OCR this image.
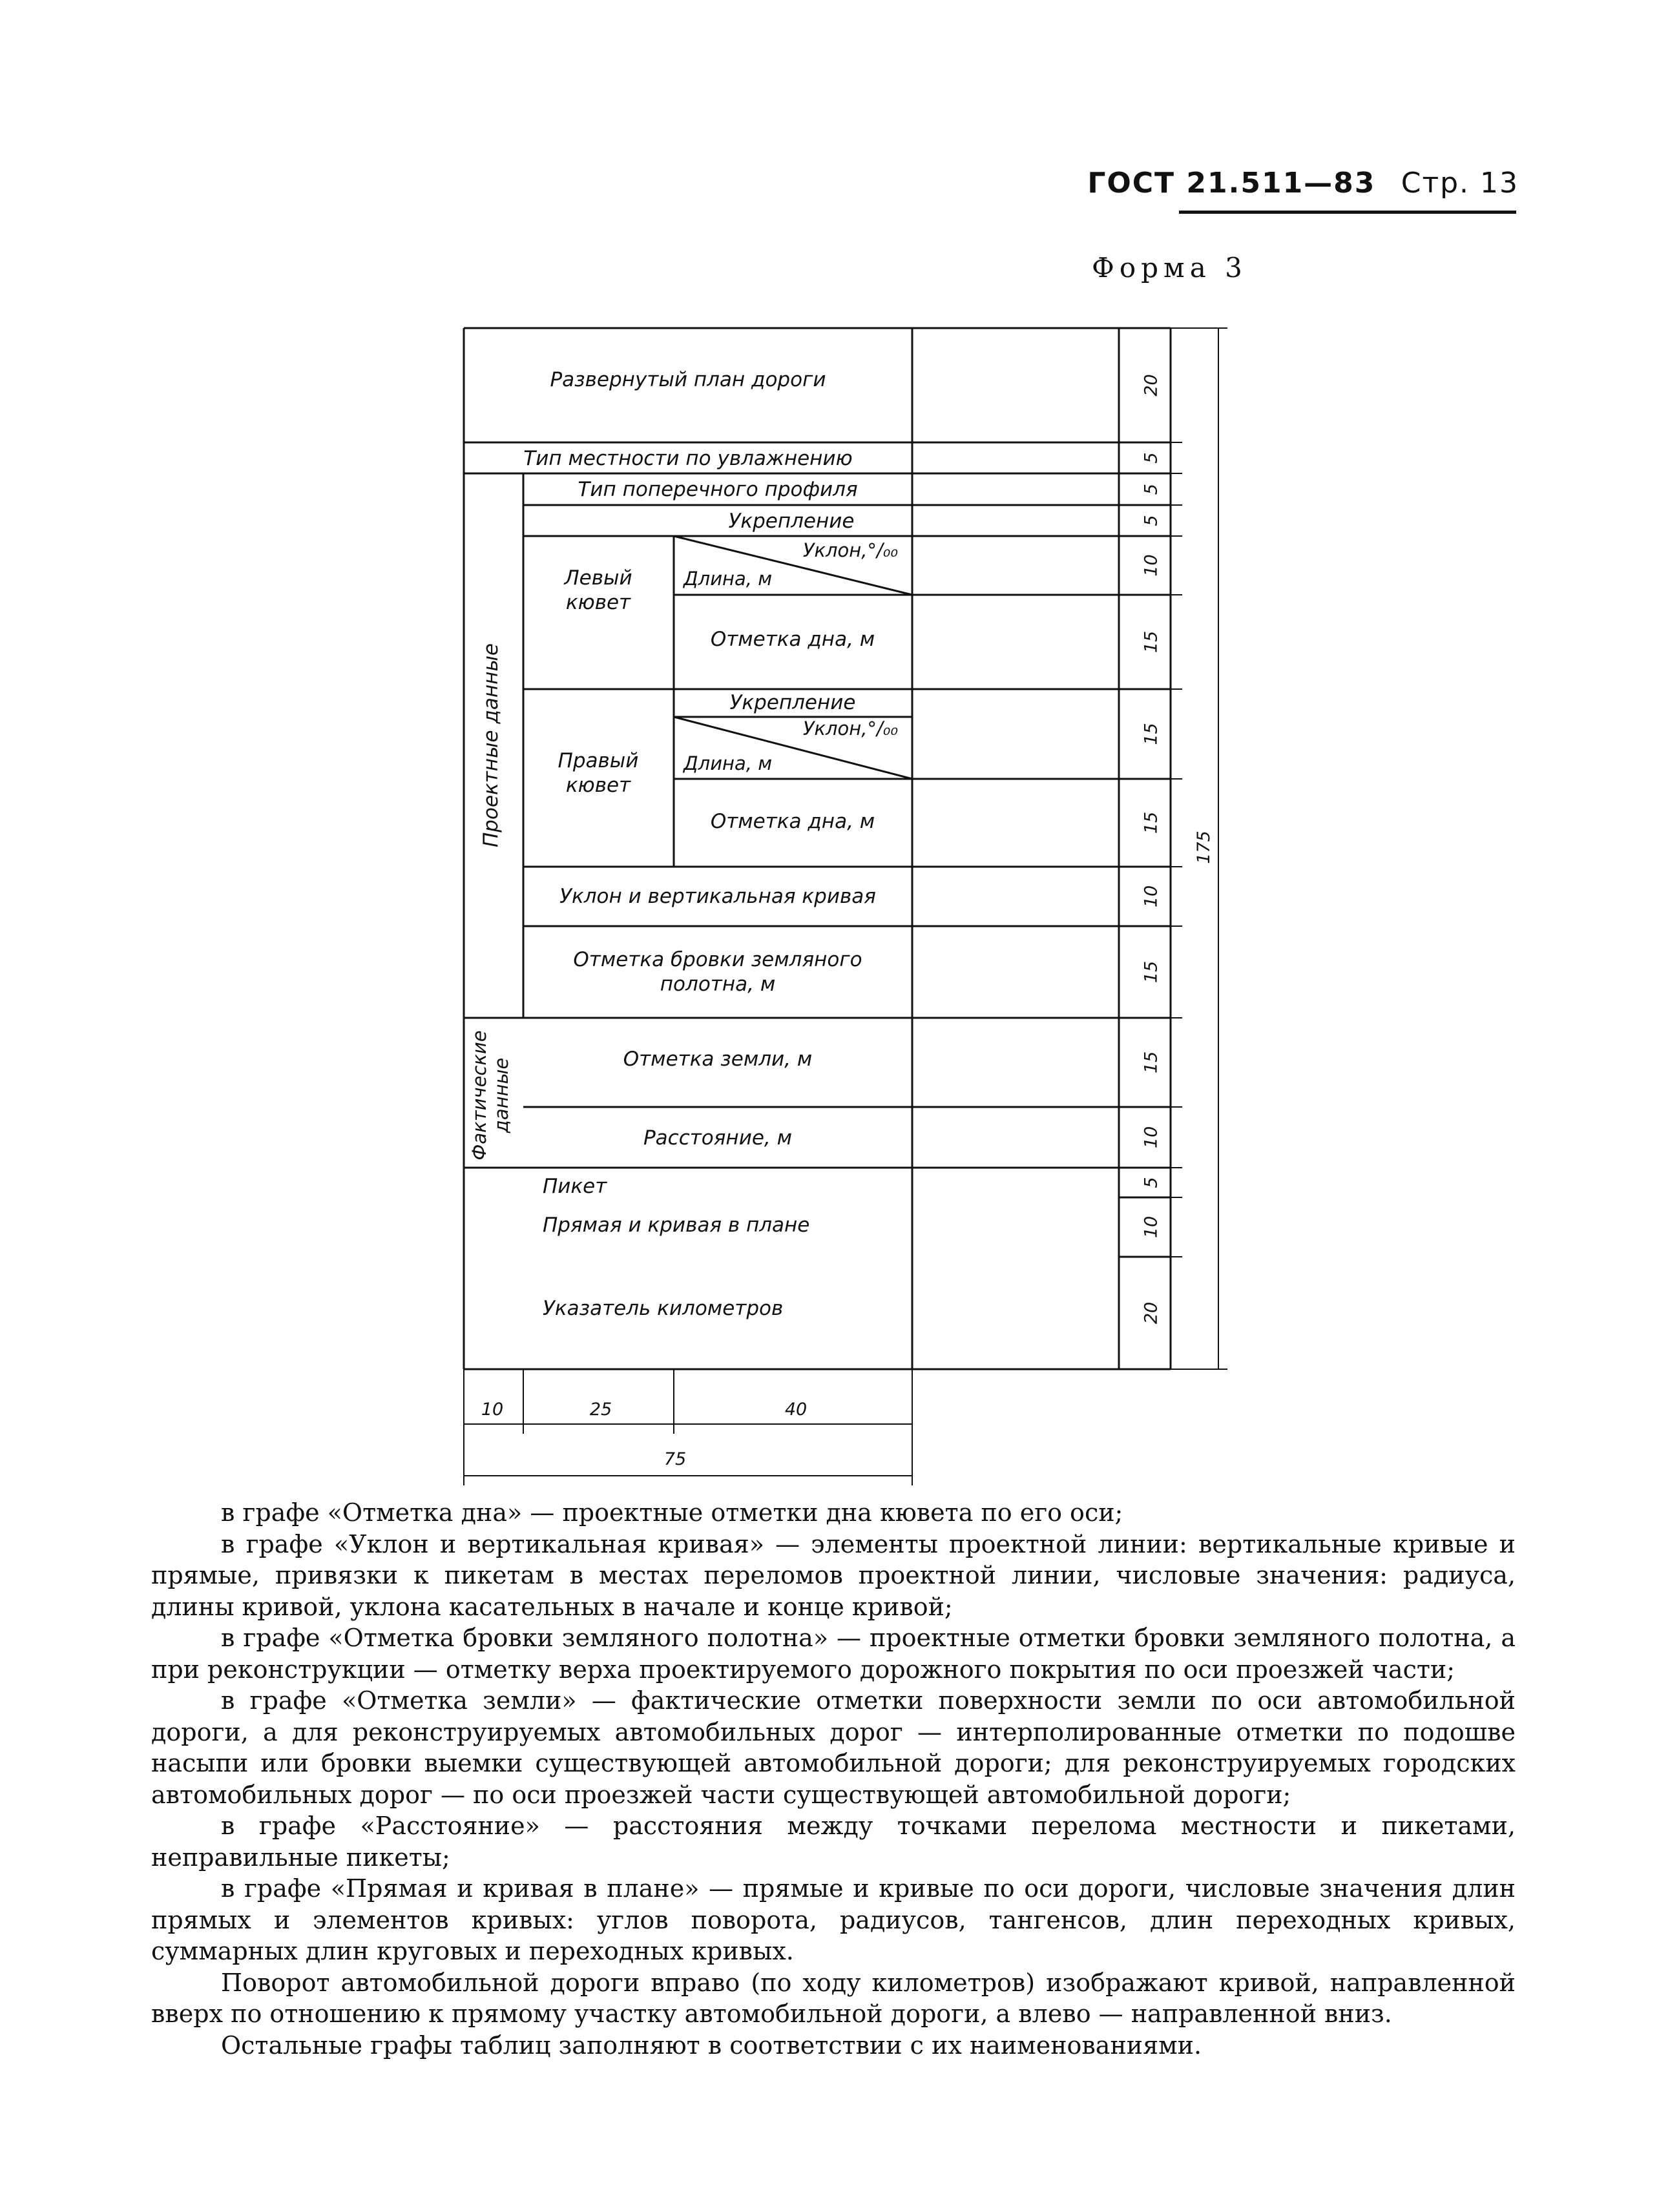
ГОСТ 21.511—83 Стр. 13
Форма 3
Развернутый план дороги
Тип местности по увлажнению
Тип поперечного профиля
Укрепление
Уклон,°/₀₀
Длина, м
Отметка дна, м
Левый
кювет
Укрепление
Уклон,°/₀₀
Длина, м
Отметка дна, м
Правый
кювет
Уклон и вертикальная кривая
Отметка бровки земляного
полотна, м
Отметка земли, м
Расстояние, м
Пикет
Прямая и кривая в плане
Указатель километров
Проектные данные
Фактические данные
20
5
5
5
10
15
15
15
10
15
15
10
5
10
20
175
10	25	40
75

в графе «Отметка дна» — проектные отметки дна кювета по его оси;

в графе «Уклон и вертикальная кривая» — элементы проектной линии: вертикальные кривые и прямые, привязки к пикетам в местах переломов проектной линии, числовые значения: радиуса, длины кривой, уклона касательных в начале и конце кривой;

в графе «Отметка бровки земляного полотна» — проектные отметки бровки земляного полотна, а при реконструкции — отметку верха проектируемого дорожного покрытия по оси проезжей части;

в графе «Отметка земли» — фактические отметки поверхности земли по оси автомобильной дороги, а для реконструируемых автомобильных дорог — интерполированные отметки по подошве насыпи или бровки выемки существующей автомобильной дороги; для реконструируемых городских автомобильных дорог — по оси проезжей части существующей автомобильной дороги;

в графе «Расстояние» — расстояния между точками перелома местности и пикетами, неправильные пикеты;

в графе «Прямая и кривая в плане» — прямые и кривые по оси дороги, числовые значения длин прямых и элементов кривых: углов поворота, радиусов, тангенсов, длин переходных кривых, суммарных длин круговых и переходных кривых.

Поворот автомобильной дороги вправо (по ходу километров) изображают кривой, направленной вверх по отношению к прямому участку автомобильной дороги, а влево — направленной вниз.

Остальные графы таблиц заполняют в соответствии с их наименованиями.
